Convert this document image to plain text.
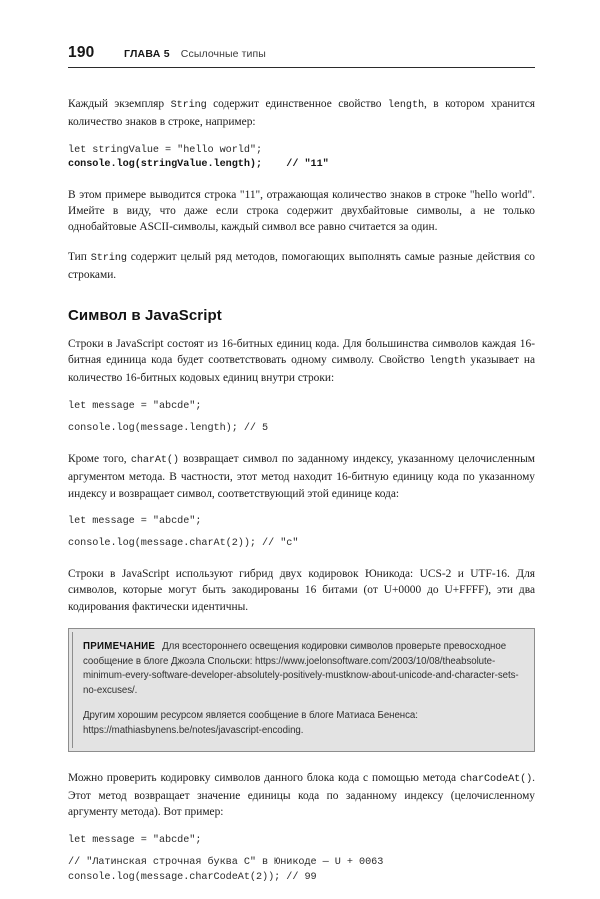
190	ГЛАВА 5 Ссылочные типы

Каждый экземпляр String содержит единственное свойство length, в котором хранится количество знаков в строке, например:

let stringValue = "hello world";
console.log(stringValue.length);    // "11"

В этом примере выводится строка "11", отражающая количество знаков в строке "hello world". Имейте в виду, что даже если строка содержит двухбайтовые символы, а не только однобайтовые ASCII-символы, каждый символ все равно считается за один.

Тип String содержит целый ряд методов, помогающих выполнять самые разные действия со строками.

Символ в JavaScript

Строки в JavaScript состоят из 16-битных единиц кода. Для большинства символов каждая 16-битная единица кода будет соответствовать одному символу. Свойство length указывает на количество 16-битных кодовых единиц внутри строки:

let message = "abcde";

console.log(message.length); // 5

Кроме того, charAt() возвращает символ по заданному индексу, указанному целочисленным аргументом метода. В частности, этот метод находит 16-битную единицу кода по указанному индексу и возвращает символ, соответствующий этой единице кода:

let message = "abcde";

console.log(message.charAt(2)); // "c"

Строки в JavaScript используют гибрид двух кодировок Юникода: UCS-2 и UTF-16. Для символов, которые могут быть закодированы 16 битами (от U+0000 до U+FFFF), эти два кодирования фактически идентичны.

ПРИМЕЧАНИЕ Для всестороннего освещения кодировки символов проверьте превосходное сообщение в блоге Джоэла Спольски: https://www.joelonsoftware.com/2003/10/08/theabsolute-minimum-every-software-developer-absolutely-positively-mustknow-about-unicode-and-character-sets-no-excuses/.

Другим хорошим ресурсом является сообщение в блоге Матиаса Бененса: https://mathiasbynens.be/notes/javascript-encoding.

Можно проверить кодировку символов данного блока кода с помощью метода charCodeAt(). Этот метод возвращает значение единицы кода по заданному индексу (целочисленному аргументу метода). Вот пример:

let message = "abcde";

// "Латинская строчная буква C" в Юникоде — U + 0063
console.log(message.charCodeAt(2)); // 99
